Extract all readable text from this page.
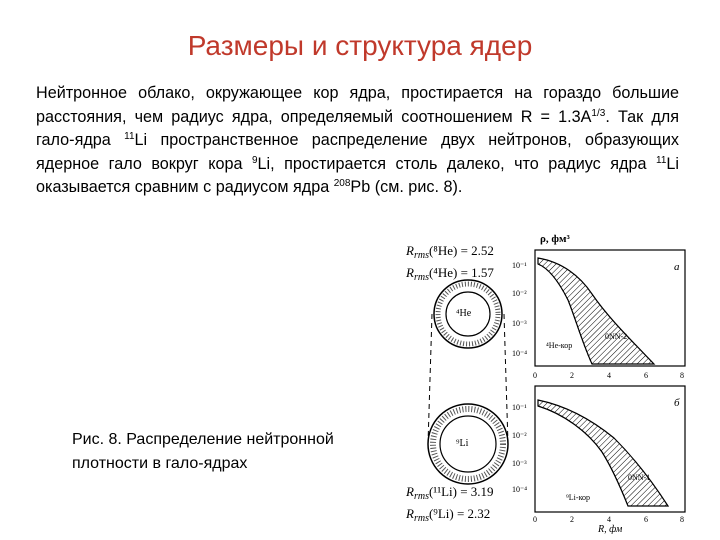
Размеры и структура ядер

Нейтронное облако, окружающее кор ядра, простирается на гораздо большие расстояния, чем радиус ядра, определяемый соотношением $R = 1.3A^{1/3}$. Так для гало-ядра $^{11}$Li пространственное распределение двух нейтронов, образующих ядерное гало вокруг кора $^9$Li, простирается столь далеко, что радиус ядра $^{11}$Li оказывается сравним с радиусом ядра $^{208}$Pb (см. рис. 8).

Рис. 8. Распределение нейтронной
плотности в гало-ядрах
$R_{rms}(^8He) = 2.52$
$R_{rms}(^4He) = 1.57$
⁴He
⁹Li
$R_{rms}(^{11}Li) = 3.19$
$R_{rms}(^9Li) = 2.32$
ρ, фм³
а
10⁻¹
10⁻²
10⁻³
10⁻⁴
0	2	4	6	8
⁴He-кор
0NN-2
б
10⁻¹
10⁻²
10⁻³
10⁻⁴
0	2	4	6	8
⁹Li-кор
0NN-1
R, фм
